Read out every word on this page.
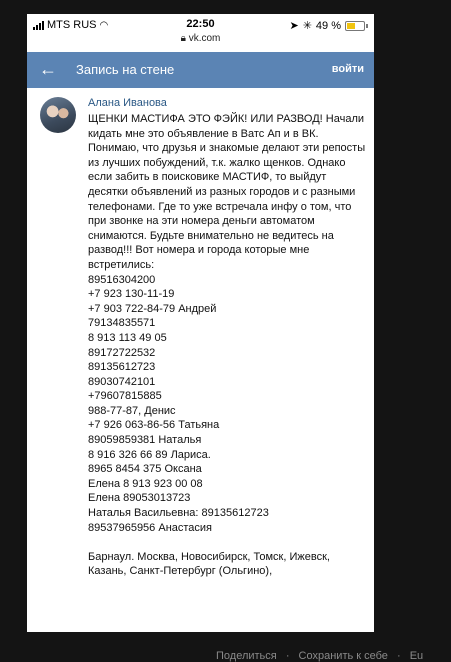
MTS RUS ◠	22:50
🔒︎ vk.com
➤ ✳ 49 %
← Запись на стене	войти
Алана Иванова

ЩЕНКИ МАСТИФА ЭТО ФЭЙК! ИЛИ РАЗВОД! Начали кидать мне это объявление в Ватс Ап и в ВК. Понимаю, что друзья и знакомые делают эти репосты из лучших побуждений, т.к. жалко щенков. Однако если забить в поисковике МАСТИФ, то выйдут десятки объявлений из разных городов и с разными телефонами. Где то уже встречала инфу о том, что при звонке на эти номера деньги автоматом снимаются. Будьте внимательно не ведитесь на развод!!! Вот номера и города которые мне встретились:

89516304200
+7 923 130-11-19
+7 903 722-84-79 Андрей
79134835571
8 913 113 49 05
89172722532
89135612723
89030742101
+79607815885
988-77-87, Денис
+7 926 063-86-56 Татьяна
89059859381 Наталья
8 916 326 66 89 Лариса.
8965 8454 375 Оксана
Елена 8 913 923 00 08
Елена 89053013723
Наталья Васильевна: 89135612723
89537965956 Анастасия
Барнаул. Москва, Новосибирск, Томск, Ижевск, Казань, Санкт-Петербург (Ольгино),
Поделиться · Сохранить к себе · Eu
